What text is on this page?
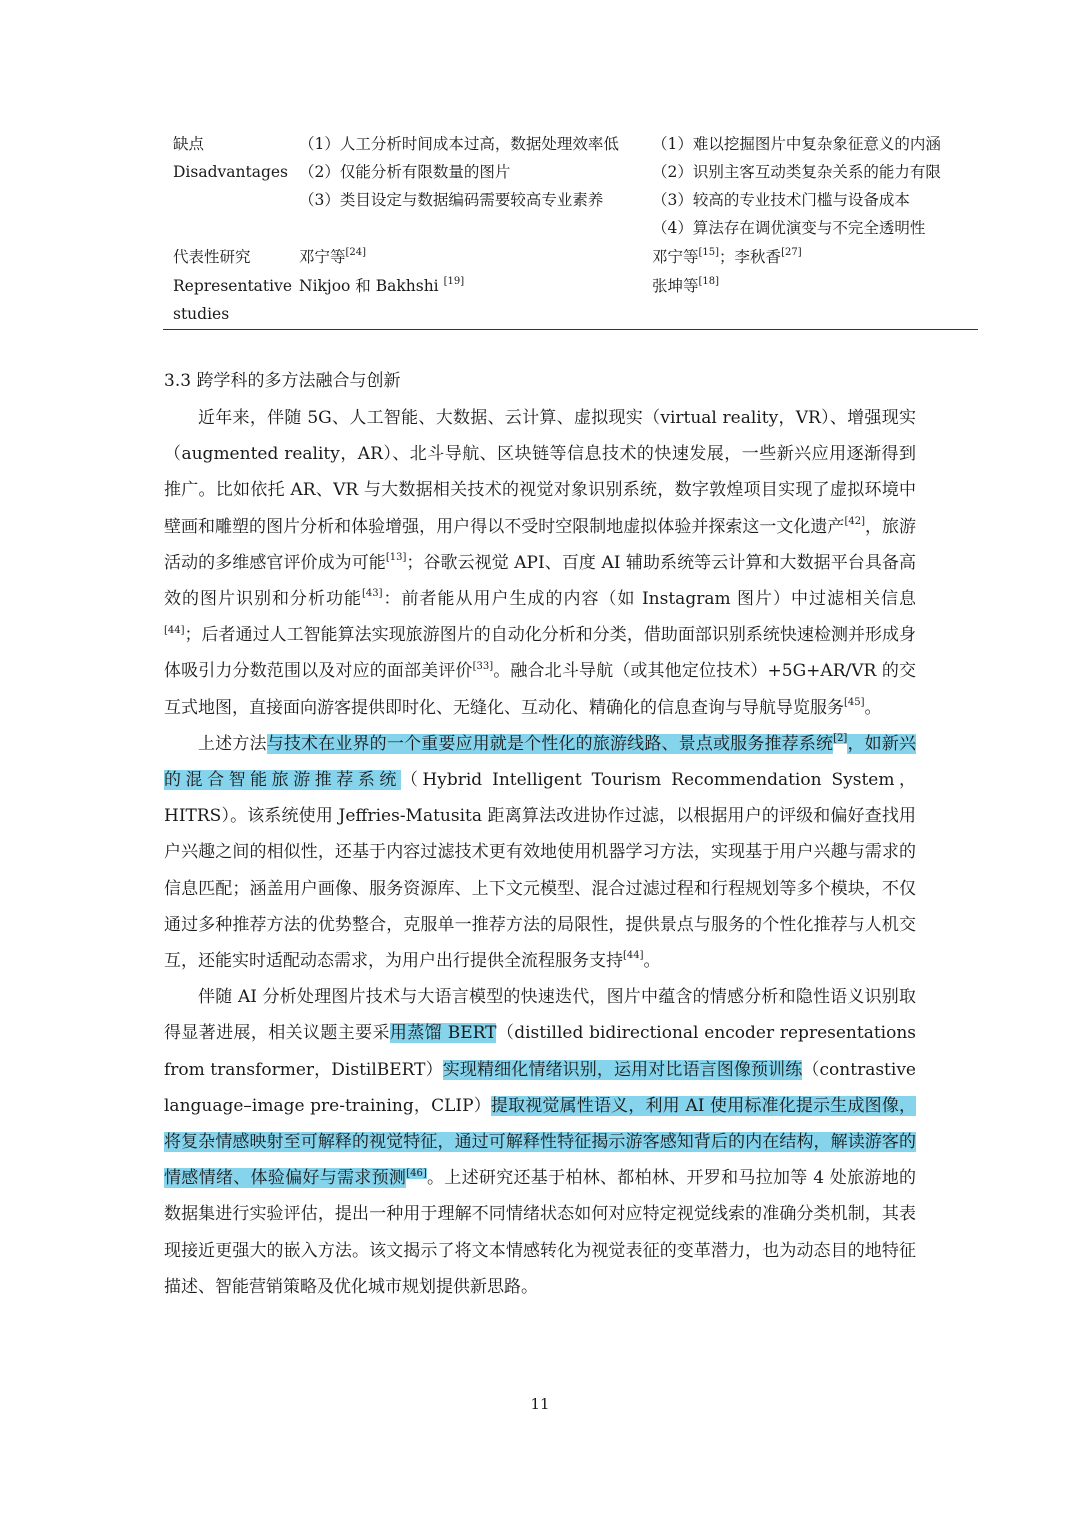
缺点
Disadvantages
（1）人工分析时间成本过高，数据处理效率低
（2）仅能分析有限数量的图片
（3）类目设定与数据编码需要较高专业素养
（1）难以挖掘图片中复杂象征意义的内涵
（2）识别主客互动类复杂关系的能力有限
（3）较高的专业技术门槛与设备成本
（4）算法存在调优演变与不完全透明性
代表性研究
Representative
studies
邓宁等[24]
Nikjoo 和 Bakhshi [19]
邓宁等[15]；李秋香[27]
张坤等[18]
3.3 跨学科的多方法融合与创新

近年来，伴随 5G、人工智能、大数据、云计算、虚拟现实（virtual reality，VR）、增强现实（augmented reality，AR）、北斗导航、区块链等信息技术的快速发展，一些新兴应用逐渐得到推广。比如依托 AR、VR 与大数据相关技术的视觉对象识别系统，数字敦煌项目实现了虚拟环境中壁画和雕塑的图片分析和体验增强，用户得以不受时空限制地虚拟体验并探索这一文化遗产[42]，旅游活动的多维感官评价成为可能[13]；谷歌云视觉 API、百度 AI 辅助系统等云计算和大数据平台具备高效的图片识别和分析功能[43]：前者能从用户生成的内容（如 Instagram 图片）中过滤相关信息[44]；后者通过人工智能算法实现旅游图片的自动化分析和分类，借助面部识别系统快速检测并形成身体吸引力分数范围以及对应的面部美评价[33]。融合北斗导航（或其他定位技术）+5G+AR/VR 的交互式地图，直接面向游客提供即时化、无缝化、互动化、精确化的信息查询与导航导览服务[45]。

上述方法与技术在业界的一个重要应用就是个性化的旅游线路、景点或服务推荐系统[2]，如新兴的混合智能旅游推荐系统（Hybrid Intelligent Tourism Recommendation System，HITRS）。该系统使用 Jeffries-Matusita 距离算法改进协作过滤，以根据用户的评级和偏好查找用户兴趣之间的相似性，还基于内容过滤技术更有效地使用机器学习方法，实现基于用户兴趣与需求的信息匹配；涵盖用户画像、服务资源库、上下文元模型、混合过滤过程和行程规划等多个模块，不仅通过多种推荐方法的优势整合，克服单一推荐方法的局限性，提供景点与服务的个性化推荐与人机交互，还能实时适配动态需求，为用户出行提供全流程服务支持[44]。

伴随 AI 分析处理图片技术与大语言模型的快速迭代，图片中蕴含的情感分析和隐性语义识别取得显著进展，相关议题主要采用蒸馏 BERT（distilled bidirectional encoder representations from transformer，DistilBERT）实现精细化情绪识别，运用对比语言图像预训练（contrastive language–image pre-training，CLIP）提取视觉属性语义，利用 AI 使用标准化提示生成图像，将复杂情感映射至可解释的视觉特征，通过可解释性特征揭示游客感知背后的内在结构，解读游客的情感情绪、体验偏好与需求预测[46]。上述研究还基于柏林、都柏林、开罗和马拉加等 4 处旅游地的数据集进行实验评估，提出一种用于理解不同情绪状态如何对应特定视觉线索的准确分类机制，其表现接近更强大的嵌入方法。该文揭示了将文本情感转化为视觉表征的变革潜力，也为动态目的地特征描述、智能营销策略及优化城市规划提供新思路。

11
